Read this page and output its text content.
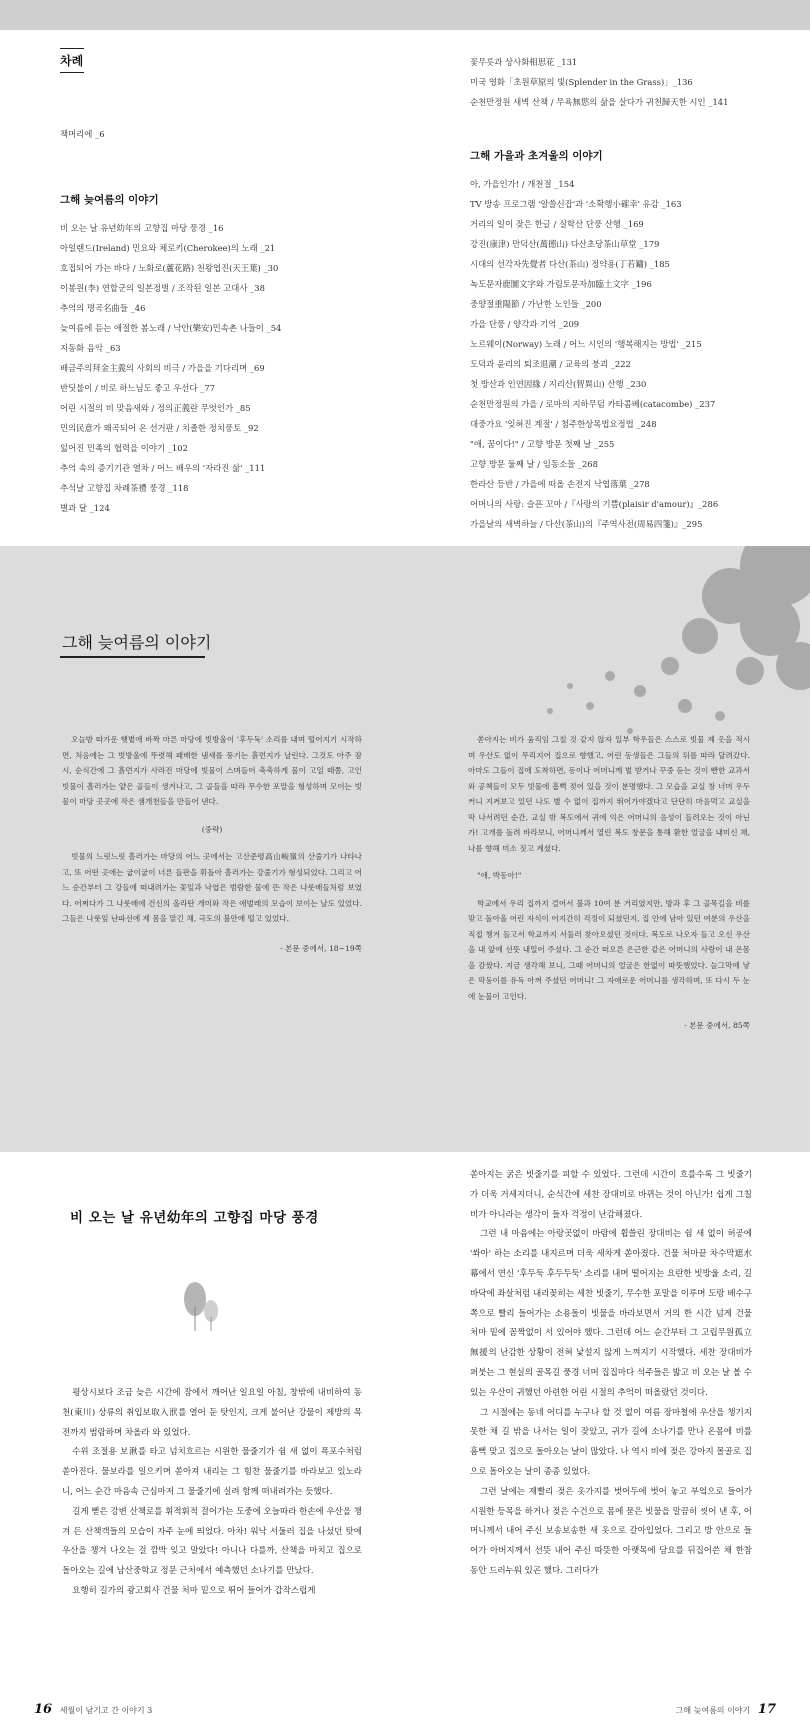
차례

책머리에 _6

그해 늦여름의 이야기

비 오는 날 유년幼年의 고향집 마당 풍경 _16

아일랜드(Ireland) 민요와 체로키(Cherokee)의 노래 _21

호접되어 가는 바다 / 노화로(蘆花路) 천왕엽진(天王葉) _30

이봉원(李) 연할군의 일본정벌 / 조작된 일본 고대사 _38

추억의 명곡名曲들 _46

늦여름에 듣는 애절한 봄노래 / 낙안(樂安)민속촌 나들이 _54

지동화 음악 _63

배금주의拜金主義의 사회의 비극 / 가을을 기다리며 _69

반딧불이 / 비로 하느님도 좋고 우선다 _77

어린 시절의 비 맞음새와 / 정의正義란 무엇인가 _85

민의民意가 왜곡되어 온 선거판 / 치졸한 정치풍토 _92

잃어진 민족의 협력을 이야기 _102

추억 속의 증기기관 열차 / 어느 배우의 '자라진 삶' _111

추석날 고향집 차례茶禮 풍경 _118

별과 달 _124

꽃무릇과 상사화相思花 _131

미국 영화「초원草原의 빛(Splender in the Grass)」_136

순천만정원 새벽 산책 / 무욕無慾의 삶을 살다가 귀천歸天한 시인 _141

그해 가을과 초겨울의 이야기

아, 가을인가! / 개천절 _154

TV 방송 프로그램 '알쓸신잡'과 '소확행小確幸' 유감 _163

거리의 일이 잦은 한글 / 실학산 단풍 산행 _169

강진(康津) 만덕산(萬德山) 다산초당茶山草堂 _179

시대의 선각자先覺者 다산(茶山) 정약용(丁若鏞) _185

녹도문자鹿圖文字와 가림토문자加臨土文字 _196

중양절重陽節 / 가난한 노인들 _200

가을 단풍 / 양각과 기억 _209

노르웨이(Norway) 노래 / 어느 시인의 '행복해지는 방법' _215

도덕과 윤리의 퇴조退潮 / 교육의 붕괴 _222

첫 방산과 인연因緣 / 지리산(智異山) 산행 _230

순천만정원의 가을 / 로마의 지하무덤 카타콤베(catacombe) _237

대중가요 '잊혀진 계절' / 첨주한상목법요정법 _248

"애, 꿈이다!" / 고향 방문 첫째 날 _255

고향 방문 둘째 날 / 임동소들 _268

한라산 등반 / 가을에 떠올 손전지 낙엽落葉 _278

어머니의 사랑: 슬픈 꼬마 /『사랑의 기쁨(plaisir d'amour)』_286

가을날의 새벽하늘 / 다산(茶山)의『주역사전(周易四箋)』_295

그해 늦여름의 이야기

오늘밤 따가운 햇볕에 바짝 마른 마당에 빗방울이 '후두둑' 소리를 내며 떨어지기 시작하면, 처음에는 그 빗방울에 뚜렷해 패배한 냄새를 풍기는 흙먼지가 날린다. 그것도 아주 잠시, 순식간에 그 흙먼지가 사라진 마당에 빗물이 스며들어 축축하게 물이 고일 때쯤, 고인 빗물이 흘러가는 얕은 골들이 생겨나고, 그 골들을 따라 무수한 포말을 형성하며 모이는 빗물이 마당 곳곳에 작은 샘개천들을 만들어 낸다.

(중략)

빗물의 느릿느릿 흘러가는 마당의 어느 곳에서는 고산준령高山峻嶺의 산줄기가 나타나고, 또 어떤 곳에는 굽이굽이 너른 들판을 휘돌아 흘러가는 강줄기가 형성되었다. 그리고 어느 순간부터 그 강들에 떠내려가는 꽃잎과 낙엽은 범람한 물에 뜬 작은 나룻배들처럼 보였다. 어쩌다가 그 나룻배에 건신의 올라탄 개미와 작은 애벌레의 모습이 보이는 날도 있었다. 그들은 나룻잎 난파선에 제 몸을 맡긴 채, 극도의 불안에 떨고 있었다.

- 본문 중에서, 18~19쪽

쏟아지는 비가 움직임 그칠 것 같지 않자 일부 학우들은 스스로 빗물 제 옷을 적시며 우산도 없이 무리지어 집으로 향했고, 어린 동생들은 그들의 뒤를 따라 달려갔다. 아마도 그들이 집에 도착하면, 동이나 어머니께 벌 받거나 꾸중 듣는 것이 빤한 교과서와 공책들이 모두 빗물에 흠뻑 젖어 있을 것이 분명했다. 그 모습을 교실 창 너머 우두커니 지켜보고 있던 나도 별 수 없이 집까지 뛰어가야겠다고 단단히 마음먹고 교실을 막 나서려던 순간, 교실 밖 복도에서 귀에 익은 어머니의 음성이 들려오는 것이 아닌가! 고개를 돌려 바라보니, 어머니께서 열린 복도 창문을 통해 환한 얼굴을 내미신 채, 나를 향해 미소 짓고 계셨다.

"애, 박동아!"

학교에서 우리 집까지 걸어서 불과 10여 분 거리였지만, 방과 후 그 골목길을 비를 맞고 돌아올 어린 자식이 어지간히 걱정이 되셨던지, 집 안에 남아 있던 여분의 우산을 직접 챙겨 들고서 학교까지 서둘러 찾아오셨던 것이다. 복도로 나오자 들고 오신 우산을 내 앞에 선뜻 내밀어 주셨다. 그 순간 떠오른 은근한 같은 어머니의 사랑이 내 온몸을 감쌌다. 지금 생각해 보니, 그때 어머니의 얼굴은 한없이 따뜻했었다. 늘그막에 낳은 막둥이를 유독 아껴 주셨던 어머니! 그 자애로운 어머니를 생각하며, 또 다시 두 눈에 눈물이 고인다.

- 본문 중에서, 85쪽

비 오는 날 유년幼年의 고향집 마당 풍경

평상시보다 조금 늦은 시간에 잠에서 깨어난 일요일 아침, 창밖에 내비하여 동천(東川) 상류의 취입보取入洑를 열어 둔 탓인지, 크게 불어난 강물이 제방의 목전까지 범람하며 차올라 와 있었다.

수위 조절용 보湫를 타고 넘치흐르는 시원한 물줄기가 쉼 새 없이 폭포수처럼 쏟아진다. 물보라를 일으키며 쏟아져 내리는 그 힘찬 물줄기를 바라보고 있노라니, 어느 순간 마음속 근심마저 그 물줄기에 실려 함께 떠내려가는 듯했다.

길게 뻗은 강변 산책로를 휘적휘적 걸어가는 도중에 오늘따라 한손에 우산을 챙겨 든 산책객들의 모습이 자주 눈에 띄었다. 아차! 워낙 서둘러 집을 나섰던 탓에 우산을 챙겨 나오는 걸 깜박 잊고 말았다! 아니나 다를까, 산책을 마치고 집으로 돌아오는 길에 남산중학교 정문 근처에서 예측했던 소나기를 만났다.

요행히 길가의 광고회사 건물 처마 밑으로 뛰어 들어가 갑작스럽게

쏟아지는 굵은 빗줄기를 피할 수 있었다. 그런데 시간이 흐를수록 그 빗줄기가 더욱 거세지더니, 순식간에 세찬 장대비로 바뀌는 것이 아닌가! 쉽게 그칠 비가 아니라는 생각이 들자 걱정이 난감해졌다.

그런 내 마음에는 아랑곳없이 바람에 휩쓸린 장대비는 쉼 새 없이 허공에 '쏴아' 하는 소리를 내지르며 더욱 세차게 쏟아졌다. 건물 처마끝 차수막遮水幕에서 연신 '후두둑 후두두둑' 소리를 내며 떨어지는 요란한 빗방울 소리, 길바닥에 좌살처럼 내리꽂히는 세찬 빗줄기, 무수한 포말을 이루며 도랑 배수구 쪽으로 빨리 들어가는 소용돌이 빗물을 바라보면서 거의 한 시간 넘게 건물 처마 밑에 꼼짝없이 서 있어야 했다. 그런데 어느 순간부터 그 고립무원孤立無援의 난감한 상황이 전혀 낯설지 않게 느껴지기 시작했다. 세찬 장대비가 퍼붓는 그 현실의 골목길 풍경 너머 집집마다 석주들은 밟고 비 오는 날 볼 수 있는 우산이 귀했던 아련한 어린 시절의 추억이 떠올랐던 것이다.

그 시절에는 동네 어디를 누구나 할 것 없이 여름 장마철에 우산을 챙기지 못한 채 길 밖을 나서는 일이 잦았고, 귀가 길에 소나기를 만나 온몸에 비를 흠뻑 맞고 집으로 돌아오는 날이 많았다. 나 역시 비에 젖은 강아지 몰골로 집으로 돌아오는 날이 종종 있었다.

그런 날에는 재빨리 젖은 옷가지를 벗어두에 벗어 놓고 부엌으로 들어가 시원한 등목을 하거나 젖은 수건으로 몸에 묻은 빗물을 말끔히 씻어 낸 후, 어머니께서 내어 주신 보송보송한 새 옷으로 갈아입었다. 그리고 방 안으로 들어가 아버지께서 선뜻 내어 주신 따뜻한 아랫목에 담요를 뒤집어쓴 채 한참 동안 드러누워 있곤 했다. 그러다가

16 세월이 남기고 간 이야기 3	그해 늦여름의 이야기 17
